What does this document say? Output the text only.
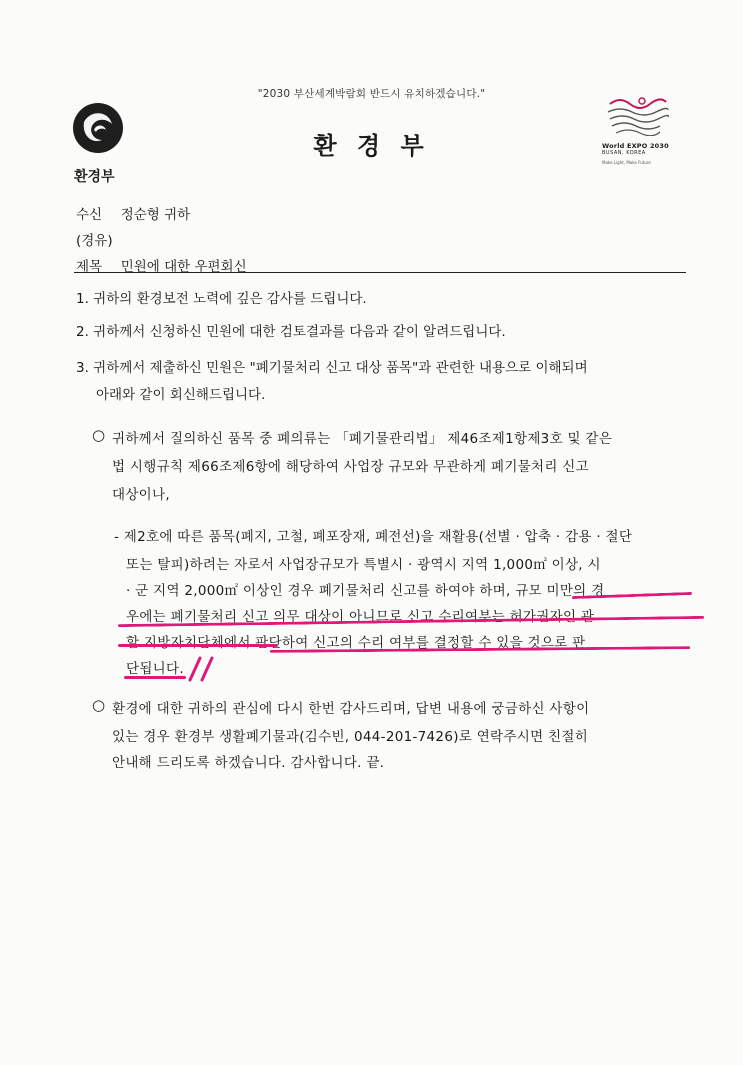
"2030 부산세계박람회 반드시 유치하겠습니다."
환경부
환 경 부	World EXPO 2030
BUSAN, KOREA
Make Light, Make Future
수신 정순형 귀하
(경유)
제목 민원에 대한 우편회신
1. 귀하의 환경보전 노력에 깊은 감사를 드립니다.
2. 귀하께서 신청하신 민원에 대한 검토결과를 다음과 같이 알려드립니다.
3. 귀하께서 제출하신 민원은 "폐기물처리 신고 대상 품목"과 관련한 내용으로 이해되며
아래와 같이 회신해드립니다.
○ 귀하께서 질의하신 품목 중 폐의류는 「폐기물관리법」 제46조제1항제3호 및 같은
법 시행규칙 제66조제6항에 해당하여 사업장 규모와 무관하게 폐기물처리 신고
대상이나,
- 제2호에 따른 품목(폐지, 고철, 폐포장재, 폐전선)을 재활용(선별 · 압축 · 감용 · 절단
또는 탈피)하려는 자로서 사업장규모가 특별시 · 광역시 지역 1,000㎡ 이상, 시
· 군 지역 2,000㎡ 이상인 경우 폐기물처리 신고를 하여야 하며, 규모 미만의 경
우에는 폐기물처리 신고 의무 대상이 아니므로 신고 수리여부는 허가권자인 관
할 지방자치단체에서 판단하여 신고의 수리 여부를 결정할 수 있을 것으로 판
단됩니다.
○ 환경에 대한 귀하의 관심에 다시 한번 감사드리며, 답변 내용에 궁금하신 사항이
있는 경우 환경부 생활폐기물과(김수빈, 044-201-7426)로 연락주시면 친절히
안내해 드리도록 하겠습니다. 감사합니다. 끝.
